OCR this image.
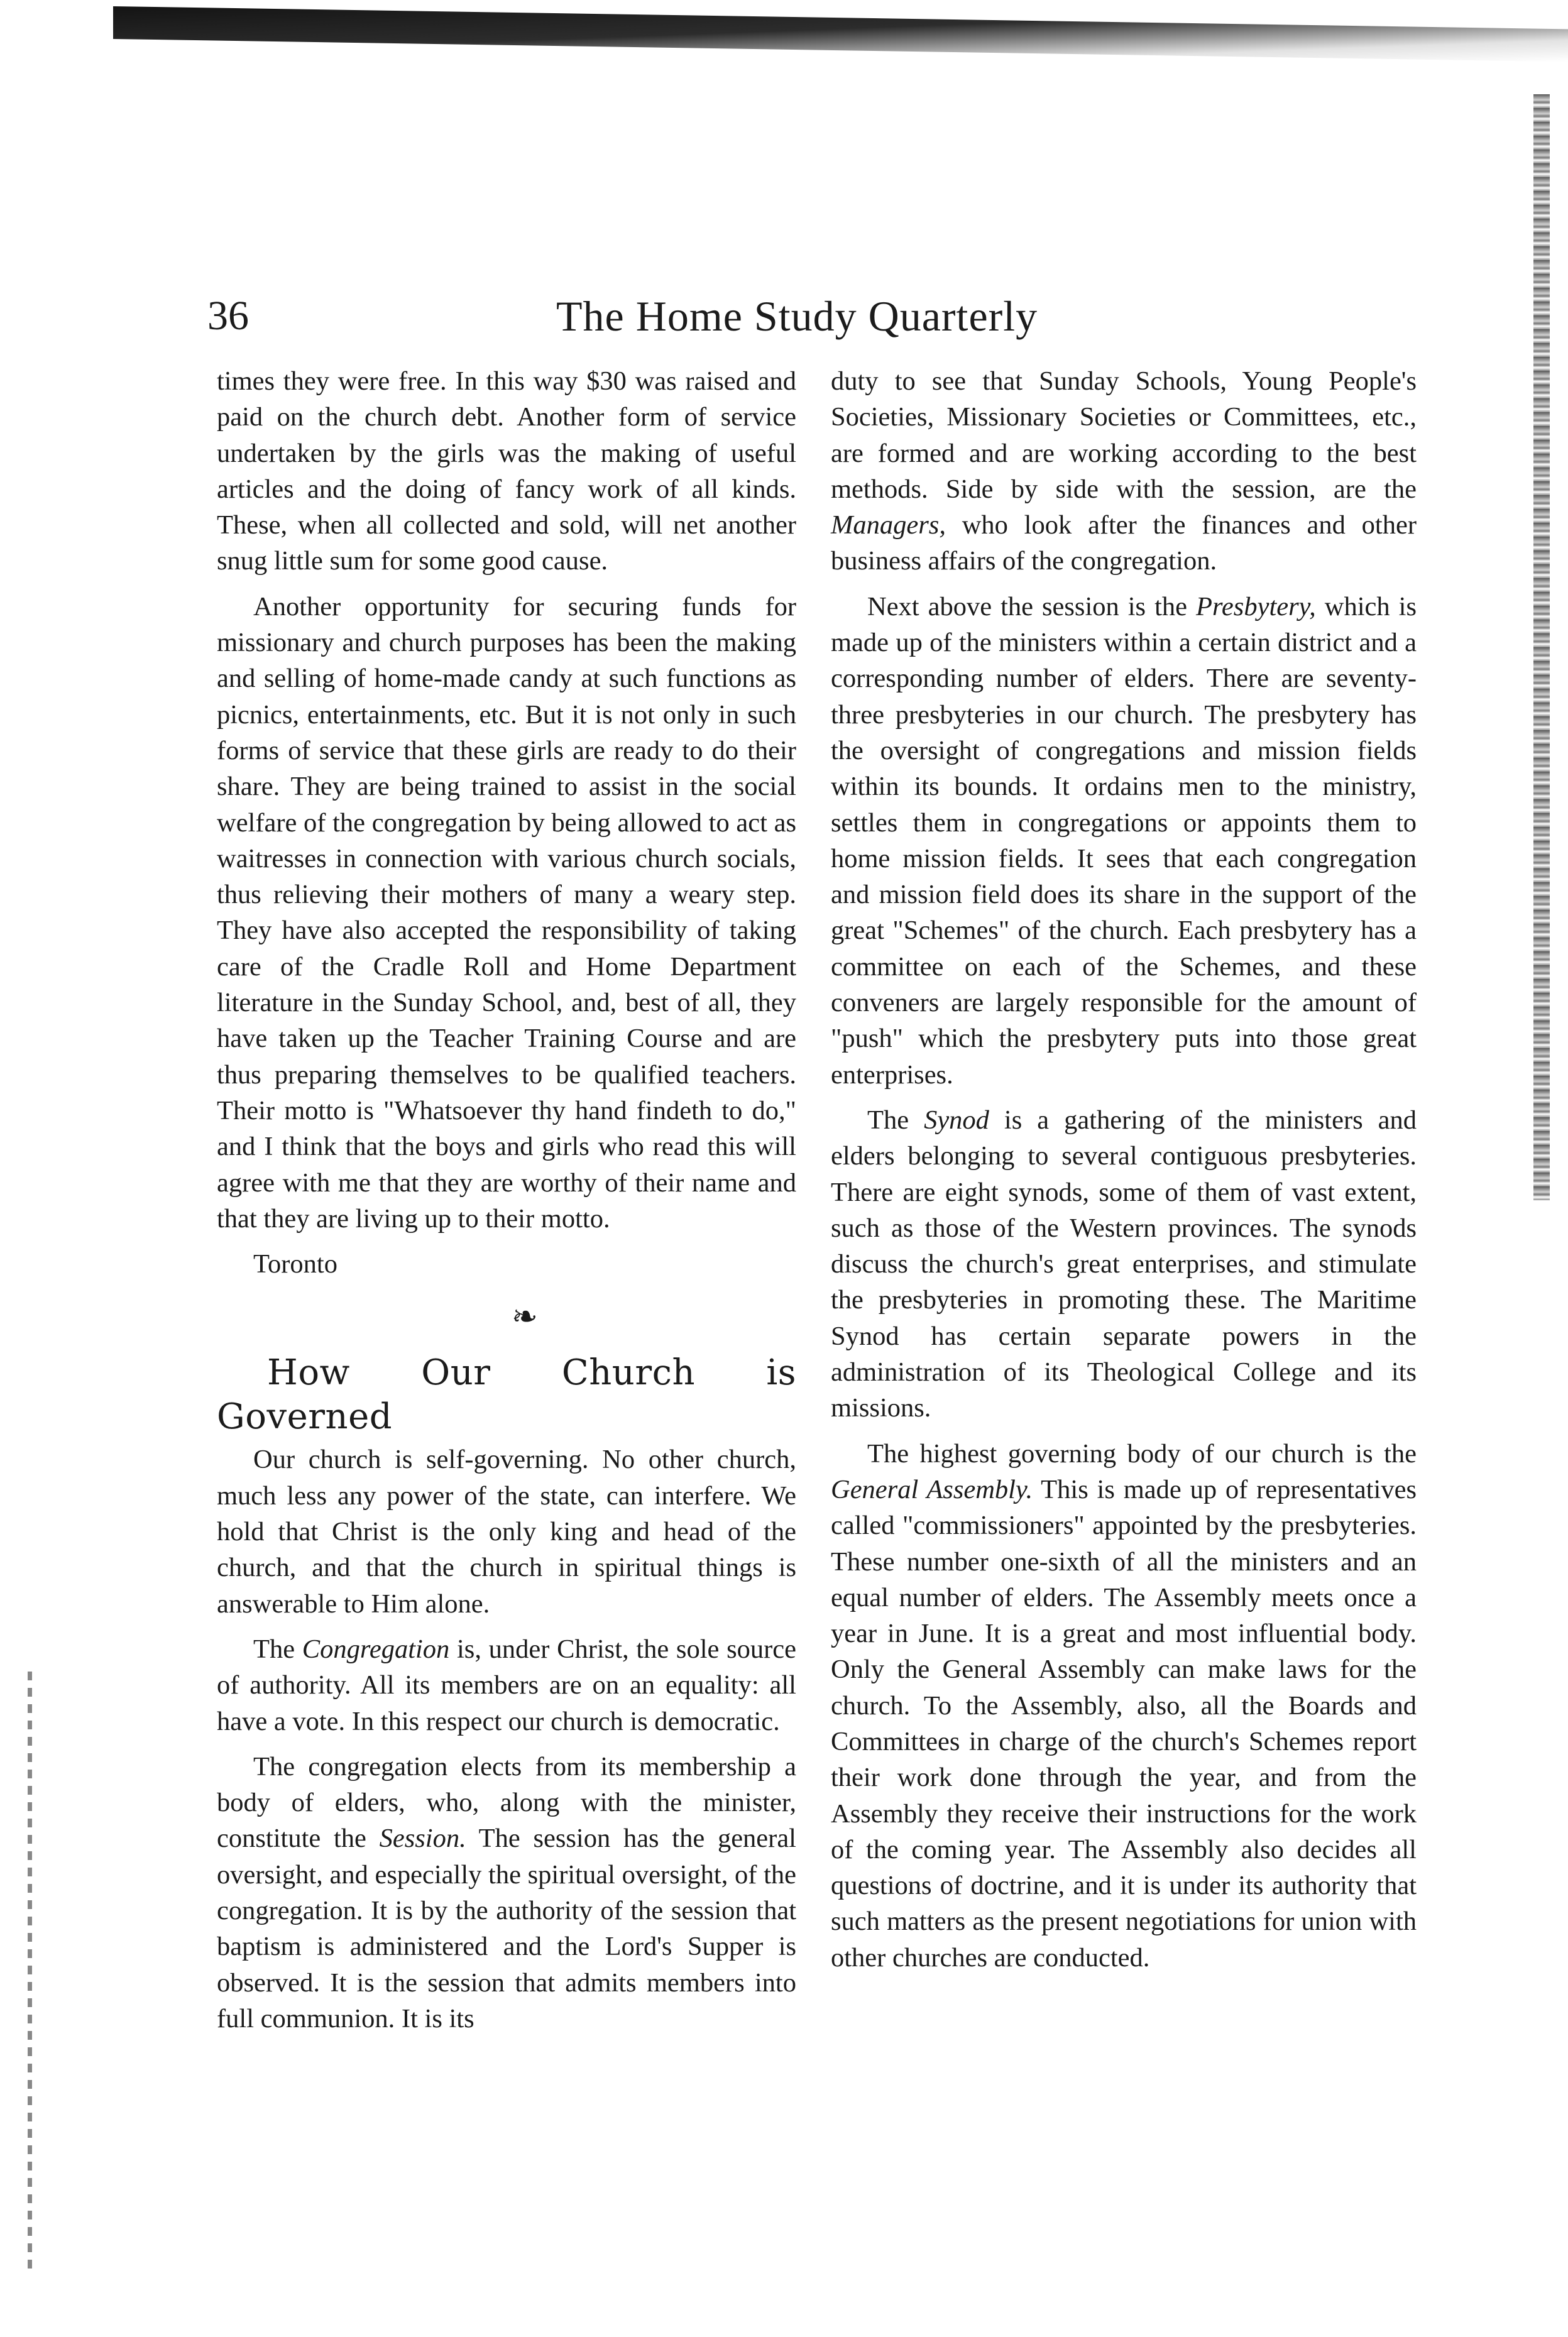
36	The Home Study Quarterly

times they were free. In this way $30 was raised and paid on the church debt. Another form of service undertaken by the girls was the making of useful articles and the doing of fancy work of all kinds. These, when all collected and sold, will net another snug little sum for some good cause.

Another opportunity for securing funds for missionary and church purposes has been the making and selling of home-made candy at such functions as picnics, entertainments, etc. But it is not only in such forms of service that these girls are ready to do their share. They are being trained to assist in the social welfare of the congregation by being allowed to act as waitresses in connection with various church socials, thus relieving their mothers of many a weary step. They have also accepted the responsibility of taking care of the Cradle Roll and Home Department literature in the Sunday School, and, best of all, they have taken up the Teacher Training Course and are thus preparing themselves to be qualified teachers. Their motto is "Whatsoever thy hand findeth to do," and I think that the boys and girls who read this will agree with me that they are worthy of their name and that they are living up to their motto.

Toronto

❧

How Our Church is Governed

Our church is self-governing. No other church, much less any power of the state, can interfere. We hold that Christ is the only king and head of the church, and that the church in spiritual things is answerable to Him alone.

The Congregation is, under Christ, the sole source of authority. All its members are on an equality: all have a vote. In this respect our church is democratic.

The congregation elects from its membership a body of elders, who, along with the minister, constitute the Session. The session has the general oversight, and especially the spiritual oversight, of the congregation. It is by the authority of the session that baptism is administered and the Lord's Supper is observed. It is the session that admits members into full communion. It is its

duty to see that Sunday Schools, Young People's Societies, Missionary Societies or Committees, etc., are formed and are working according to the best methods. Side by side with the session, are the Managers, who look after the finances and other business affairs of the congregation.

Next above the session is the Presbytery, which is made up of the ministers within a certain district and a corresponding number of elders. There are seventy-three presbyteries in our church. The presbytery has the oversight of congregations and mission fields within its bounds. It ordains men to the ministry, settles them in congregations or appoints them to home mission fields. It sees that each congregation and mission field does its share in the support of the great "Schemes" of the church. Each presbytery has a committee on each of the Schemes, and these conveners are largely responsible for the amount of "push" which the presbytery puts into those great enterprises.

The Synod is a gathering of the ministers and elders belonging to several contiguous presbyteries. There are eight synods, some of them of vast extent, such as those of the Western provinces. The synods discuss the church's great enterprises, and stimulate the presbyteries in promoting these. The Maritime Synod has certain separate powers in the administration of its Theological College and its missions.

The highest governing body of our church is the General Assembly. This is made up of representatives called "commissioners" appointed by the presbyteries. These number one-sixth of all the ministers and an equal number of elders. The Assembly meets once a year in June. It is a great and most influential body. Only the General Assembly can make laws for the church. To the Assembly, also, all the Boards and Committees in charge of the church's Schemes report their work done through the year, and from the Assembly they receive their instructions for the work of the coming year. The Assembly also decides all questions of doctrine, and it is under its authority that such matters as the present negotiations for union with other churches are conducted.
